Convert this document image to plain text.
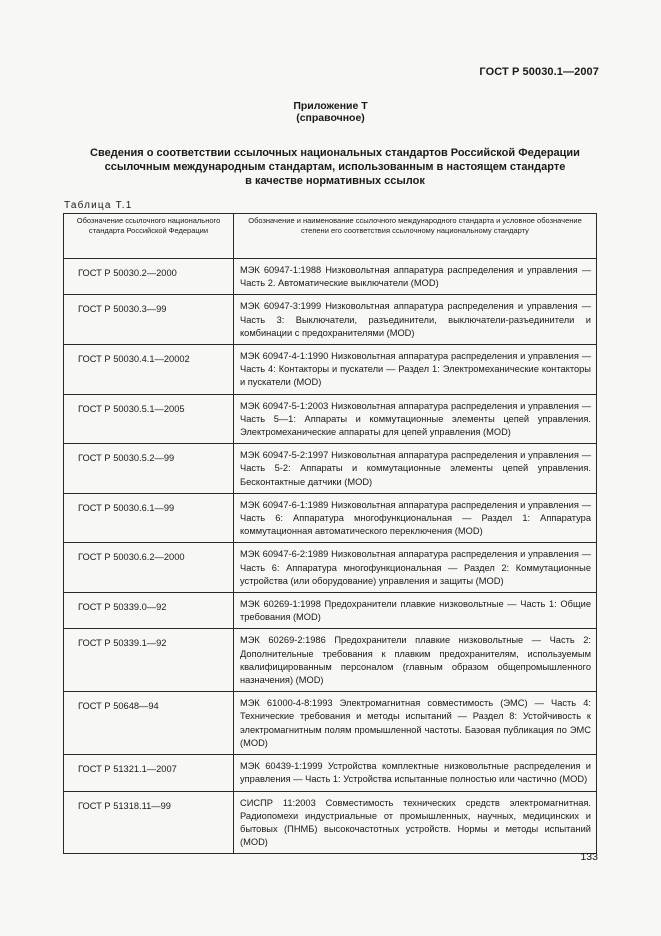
ГОСТ Р 50030.1—2007
Приложение Т
(справочное)
Сведения о соответствии ссылочных национальных стандартов Российской Федерации
ссылочным международным стандартам, использованным в настоящем стандарте
в качестве нормативных ссылок
Таблица Т.1
Обозначение ссылочного национального стандарта Российской Федерации	Обозначение и наименование ссылочного международного стандарта и условное обозначение степени его соответствия ссылочному национальному стандарту
ГОСТ Р 50030.2—2000	МЭК 60947-1:1988 Низковольтная аппаратура распределения и управления — Часть 2. Автоматические выключатели (MOD)
ГОСТ Р 50030.3—99	МЭК 60947-3:1999 Низковольтная аппаратура распределения и управления — Часть 3: Выключатели, разъединители, выключатели-разъединители и комбинации с предохранителями (MOD)
ГОСТ Р 50030.4.1—20002	МЭК 60947-4-1:1990 Низковольтная аппаратура распределения и управления — Часть 4: Контакторы и пускатели — Раздел 1: Электромеханические контакторы и пускатели (MOD)
ГОСТ Р 50030.5.1—2005	МЭК 60947-5-1:2003 Низковольтная аппаратура распределения и управления — Часть 5—1: Аппараты и коммутационные элементы цепей управления. Электромеханические аппараты для цепей управления (MOD)
ГОСТ Р 50030.5.2—99	МЭК 60947-5-2:1997 Низковольтная аппаратура распределения и управления — Часть 5-2: Аппараты и коммутационные элементы цепей управления. Бесконтактные датчики (MOD)
ГОСТ Р 50030.6.1—99	МЭК 60947-6-1:1989 Низковольтная аппаратура распределения и управления — Часть 6: Аппаратура многофункциональная — Раздел 1: Аппаратура коммутационная автоматического переключения (MOD)
ГОСТ Р 50030.6.2—2000	МЭК 60947-6-2:1989 Низковольтная аппаратура распределения и управления — Часть 6: Аппаратура многофункциональная — Раздел 2: Коммутационные устройства (или оборудование) управления и защиты (MOD)
ГОСТ Р 50339.0—92	МЭК 60269-1:1998 Предохранители плавкие низковольтные — Часть 1: Общие требования (MOD)
ГОСТ Р 50339.1—92	МЭК 60269-2:1986 Предохранители плавкие низковольтные — Часть 2: Дополнительные требования к плавким предохранителям, используемым квалифицированным персоналом (главным образом общепромышленного назначения) (MOD)
ГОСТ Р 50648—94	МЭК 61000-4-8:1993 Электромагнитная совместимость (ЭМС) — Часть 4: Технические требования и методы испытаний — Раздел 8: Устойчивость к электромагнитным полям промышленной частоты. Базовая публикация по ЭМС (MOD)
ГОСТ Р 51321.1—2007	МЭК 60439-1:1999 Устройства комплектные низковольтные распределения и управления — Часть 1: Устройства испытанные полностью или частично (MOD)
ГОСТ Р 51318.11—99	СИСПР 11:2003 Совместимость технических средств электромагнитная. Радиопомехи индустриальные от промышленных, научных, медицинских и бытовых (ПНМБ) высокочастотных устройств. Нормы и методы испытаний (MOD)
133
